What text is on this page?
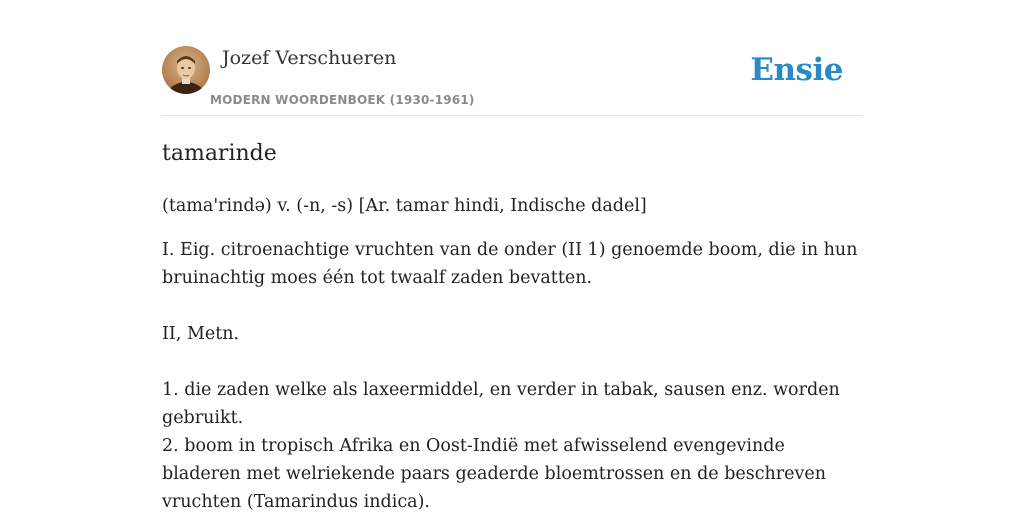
Jozef Verschueren
MODERN WOORDENBOEK (1930-1961)
Ensie
tamarinde
(tama'rində) v. (-n, -s) [Ar. tamar hindi, Indische dadel]

I. Eig. citroenachtige vruchten van de onder (II 1) genoemde boom, die in hun bruinachtig moes één tot twaalf zaden bevatten.

II, Metn.

1. die zaden welke als laxeermiddel, en verder in tabak, sausen enz. worden gebruikt.

2. boom in tropisch Afrika en Oost-Indië met afwisselend evengevinde bladeren met welriekende paars geaderde bloemtrossen en de beschreven vruchten (Tamarindus indica).
